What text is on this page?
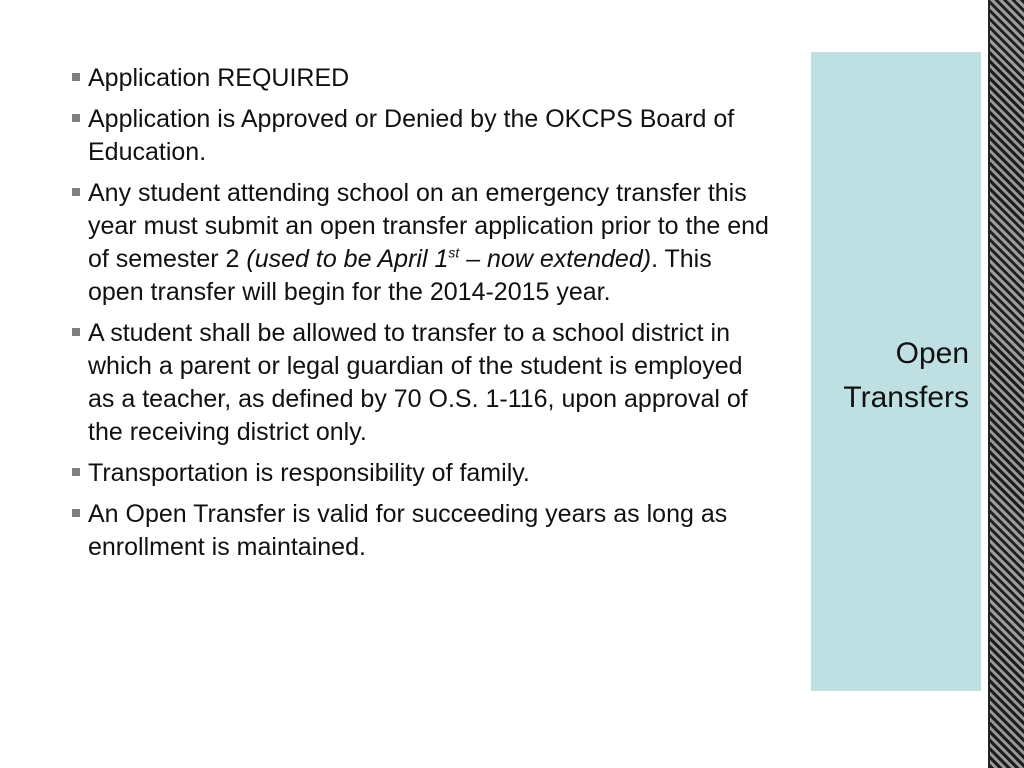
Application REQUIRED
Application is Approved or Denied by the OKCPS Board of Education.
Any student attending school on an emergency transfer this year must submit an open transfer application prior to the end of semester 2 (used to be April 1st – now extended). This open transfer will begin for the 2014-2015 year.
A student shall be allowed to transfer to a school district in which a parent or legal guardian of the student is employed as a teacher, as defined by 70 O.S. 1-116, upon approval of the receiving district only.
Transportation is responsibility of family.
An Open Transfer is valid for succeeding years as long as enrollment is maintained.
Open
Transfers
